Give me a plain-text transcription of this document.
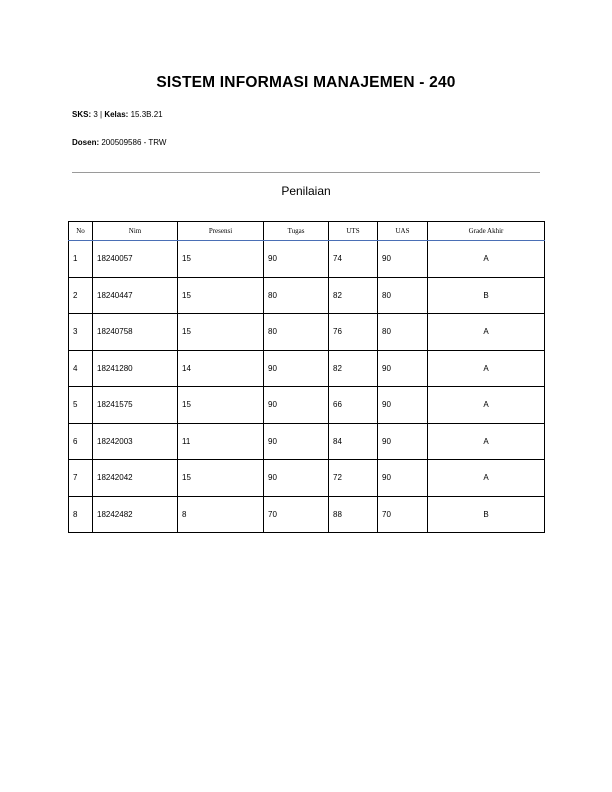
SISTEM INFORMASI MANAJEMEN - 240
SKS: 3 | Kelas: 15.3B.21
Dosen: 200509586 - TRW
Penilaian
No	Nim	Presensi	Tugas	UTS	UAS	Grade Akhir
1	18240057	15	90	74	90	A
2	18240447	15	80	82	80	B
3	18240758	15	80	76	80	A
4	18241280	14	90	82	90	A
5	18241575	15	90	66	90	A
6	18242003	11	90	84	90	A
7	18242042	15	90	72	90	A
8	18242482	8	70	88	70	B
